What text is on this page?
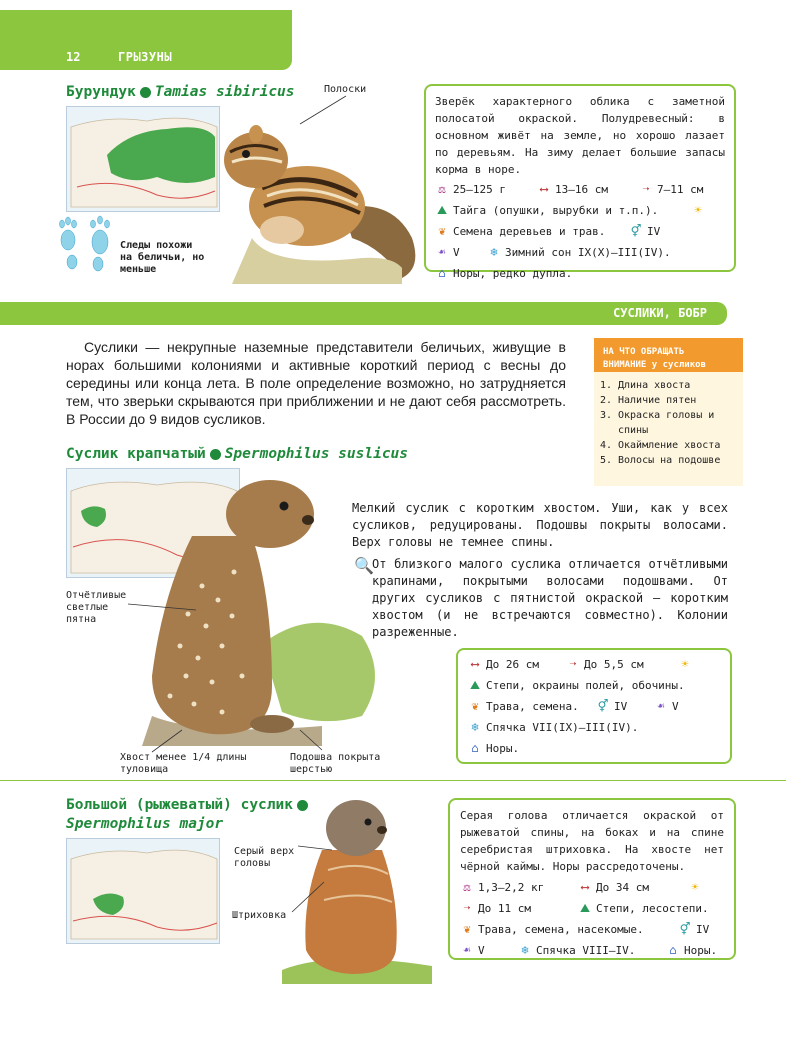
12	ГРЫЗУНЫ
Бурундук Tamias sibiricus
Следы похожи на беличьи, но меньше
Полоски

Зверёк характерного облика с заметной полосатой окраской. Полудревесный: в основном живёт на земле, но хорошо лазает по деревьям. На зиму делает большие запасы корма в норе.

⚖ 25–125 г	⟷ 13–16 см	➝ 7–11 см
⛰ Тайга (опушки, вырубки и т.п.).	☀
❦ Семена деревьев и трав.	⚥ IV
☙ V	❄ Зимний сон IX(X)–III(IV).
⌂ Норы, редко дупла.
СУСЛИКИ, БОБР
Суслики — некрупные наземные представители беличьих, живущие в норах большими колониями и активные короткий период с весны до середины или конца лета. В поле определение возможно, но затрудняется тем, что зверьки скрываются при приближении и не дают себя рассмотреть. В России до 9 видов сусликов.
НА ЧТО ОБРАЩАТЬ
ВНИМАНИЕ у сусликов
1. Длина хвоста
2. Наличие пятен
3. Окраска головы и спины
4. Окаймление хвоста
5. Волосы на подошве
Суслик крапчатый Spermophilus suslicus
Отчётливые светлые пятна
Хвост менее 1/4 длины туловища
Подошва покрыта шерстью
Мелкий суслик с коротким хвостом. Уши, как у всех сусликов, редуцированы. Подошвы покрыты волосами. Верх головы не темнее спины.
🔍
От близкого малого суслика отличается отчётливыми крапинами, покрытыми волосами подошвами. От других сусликов с пятнистой окраской — коротким хвостом (и не встречаются совместно). Колонии разреженные.
⟷ До 26 см	➝ До 5,5 см	☀
⛰ Степи, окраины полей, обочины.
❦ Трава, семена.	⚥ IV	☙ V
❄ Спячка VII(IX)–III(IV).
⌂ Норы.
Большой (рыжеватый) суслик
Spermophilus major
Серый верх головы
Штриховка

Серая голова отличается окраской от рыжеватой спины, на боках и на спине серебристая штриховка. На хвосте нет чёрной каймы. Норы рассредоточены.

⚖ 1,3–2,2 кг	⟷ До 34 см	☀
➝ До 11 см	⛰ Степи, лесостепи.
❦ Трава, семена, насекомые.	⚥ IV
☙ V	❄ Спячка VIII–IV.	⌂ Норы.
